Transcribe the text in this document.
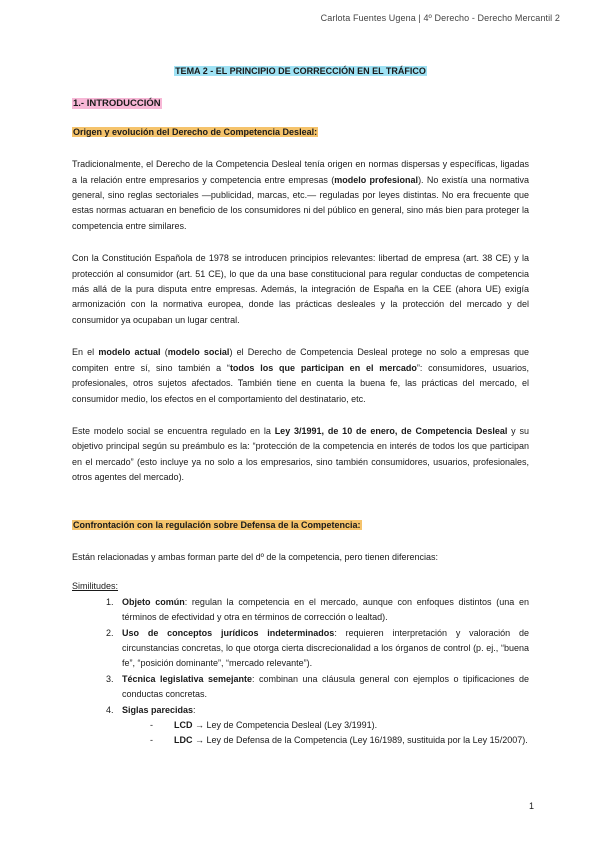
Carlota Fuentes Ugena | 4º Derecho - Derecho Mercantil 2
TEMA 2 - EL PRINCIPIO DE CORRECCIÓN EN EL TRÁFICO
1.- INTRODUCCIÓN
Origen y evolución del Derecho de Competencia Desleal:

Tradicionalmente, el Derecho de la Competencia Desleal tenía origen en normas dispersas y específicas, ligadas a la relación entre empresarios y competencia entre empresas (modelo profesional). No existía una normativa general, sino reglas sectoriales —publicidad, marcas, etc.— reguladas por leyes distintas. No era frecuente que estas normas actuaran en beneficio de los consumidores ni del público en general, sino más bien para proteger la competencia entre similares.

Con la Constitución Española de 1978 se introducen principios relevantes: libertad de empresa (art. 38 CE) y la protección al consumidor (art. 51 CE), lo que da una base constitucional para regular conductas de competencia más allá de la pura disputa entre empresas. Además, la integración de España en la CEE (ahora UE) exigía armonización con la normativa europea, donde las prácticas desleales y la protección del mercado y del consumidor ya ocupaban un lugar central.

En el modelo actual (modelo social) el Derecho de Competencia Desleal protege no solo a empresas que compiten entre sí, sino también a “todos los que participan en el mercado”: consumidores, usuarios, profesionales, otros sujetos afectados. También tiene en cuenta la buena fe, las prácticas del mercado, el consumidor medio, los efectos en el comportamiento del destinatario, etc.

Este modelo social se encuentra regulado en la Ley 3/1991, de 10 de enero, de Competencia Desleal y su objetivo principal según su preámbulo es la: “protección de la competencia en interés de todos los que participan en el mercado” (esto incluye ya no solo a los empresarios, sino también consumidores, usuarios, profesionales, otros agentes del mercado).

Confrontación con la regulación sobre Defensa de la Competencia:

Están relacionadas y ambas forman parte del dº de la competencia, pero tienen diferencias:

Similitudes:
1. Objeto común: regulan la competencia en el mercado, aunque con enfoques distintos (una en términos de efectividad y otra en términos de corrección o lealtad).
2. Uso de conceptos jurídicos indeterminados: requieren interpretación y valoración de circunstancias concretas, lo que otorga cierta discrecionalidad a los órganos de control (p. ej., “buena fe”, “posición dominante”, “mercado relevante”).
3. Técnica legislativa semejante: combinan una cláusula general con ejemplos o tipificaciones de conductas concretas.
4. Siglas parecidas:
- LCD → Ley de Competencia Desleal (Ley 3/1991).
- LDC → Ley de Defensa de la Competencia (Ley 16/1989, sustituida por la Ley 15/2007).
1
